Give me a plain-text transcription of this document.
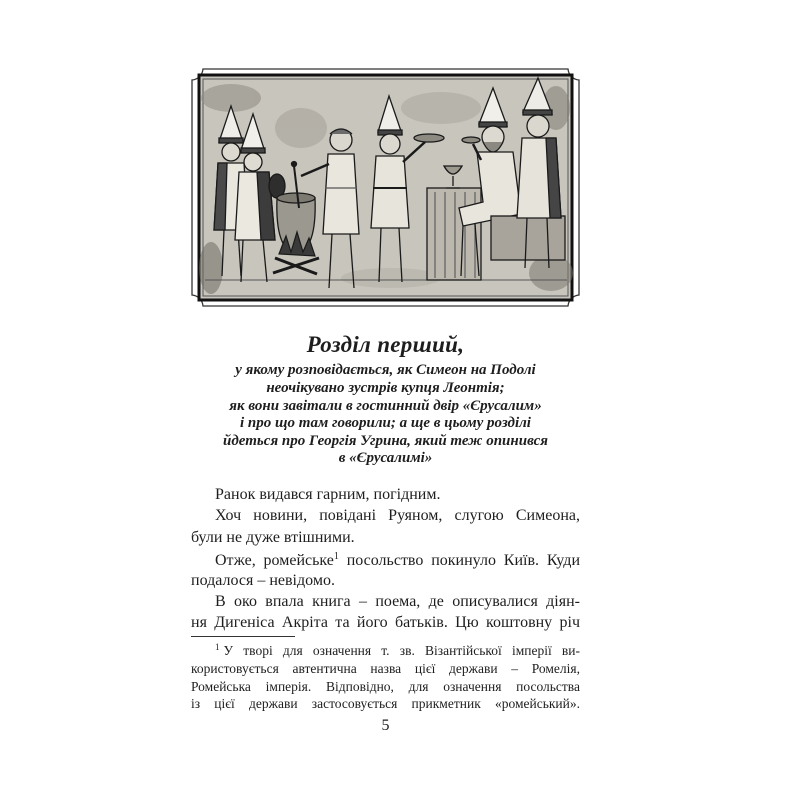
Розділ перший,
у якому розповідається, як Симеон на Подолі
неочікувано зустрів купця Леонтія;
як вони завітали в гостинний двір «Єрусалим»
і про що там говорили; а ще в цьому розділі
йдеться про Георгія Угрина, який теж опинився
в «Єрусалимі»
Ранок видався гарним, погідним.
Хоч новини, повідані Руяном, слугою Симеона,
були не дуже втішними.
Отже, ромейське$^1$ посольство покинуло Київ. Куди
подалося – невідомо.
В око впала книга – поема, де описувалися діян-
ня Дигеніса Акріта та його батьків. Цю коштовну річ
$^1$ У творі для означення т. зв. Візантійської імперії ви-
користовується автентична назва цієї держави – Ромелія,
Ромейська імперія. Відповідно, для означення посольства
із цієї держави застосовується прикметник «ромейський».
5
